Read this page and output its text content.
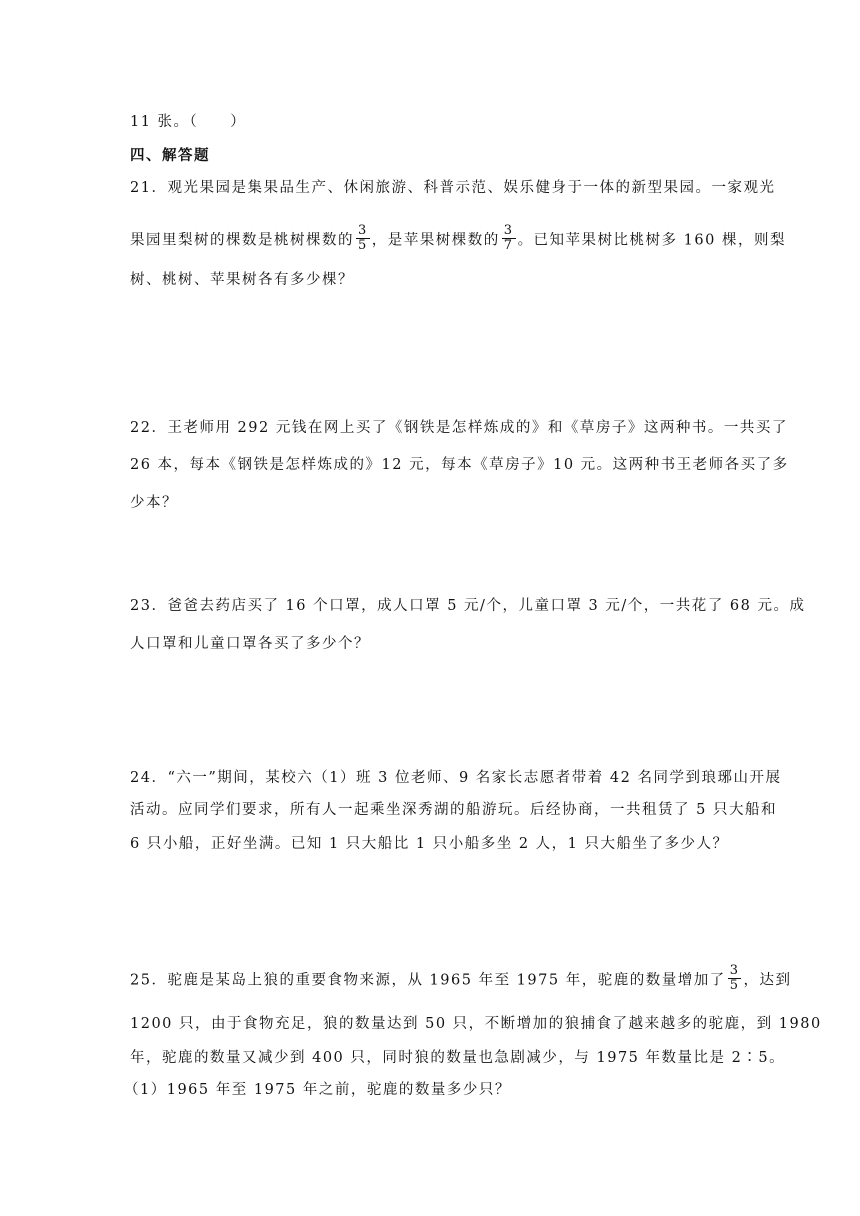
11 张。（　　）
四、解答题
21．观光果园是集果品生产、休闲旅游、科普示范、娱乐健身于一体的新型果园。一家观光
果园里梨树的棵数是桃树棵数的 $\frac{3}{5}$ ，是苹果树棵数的 $\frac{3}{7}$ 。已知苹果树比桃树多 160 棵，则梨
树、桃树、苹果树各有多少棵？
22．王老师用 292 元钱在网上买了《钢铁是怎样炼成的》和《草房子》这两种书。一共买了
26 本，每本《钢铁是怎样炼成的》12 元，每本《草房子》10 元。这两种书王老师各买了多
少本？
23．爸爸去药店买了 16 个口罩，成人口罩 5 元/个，儿童口罩 3 元/个，一共花了 68 元。成
人口罩和儿童口罩各买了多少个？
24．“六一”期间，某校六（1）班 3 位老师、9 名家长志愿者带着 42 名同学到琅琊山开展
活动。应同学们要求，所有人一起乘坐深秀湖的船游玩。后经协商，一共租赁了 5 只大船和
6 只小船，正好坐满。已知 1 只大船比 1 只小船多坐 2 人，1 只大船坐了多少人？
25．驼鹿是某岛上狼的重要食物来源，从 1965 年至 1975 年，驼鹿的数量增加了 $\frac{3}{5}$ ，达到
1200 只，由于食物充足，狼的数量达到 50 只，不断增加的狼捕食了越来越多的驼鹿，到 1980
年，驼鹿的数量又减少到 400 只，同时狼的数量也急剧减少，与 1975 年数量比是 2∶5。
（1）1965 年至 1975 年之前，驼鹿的数量多少只？
